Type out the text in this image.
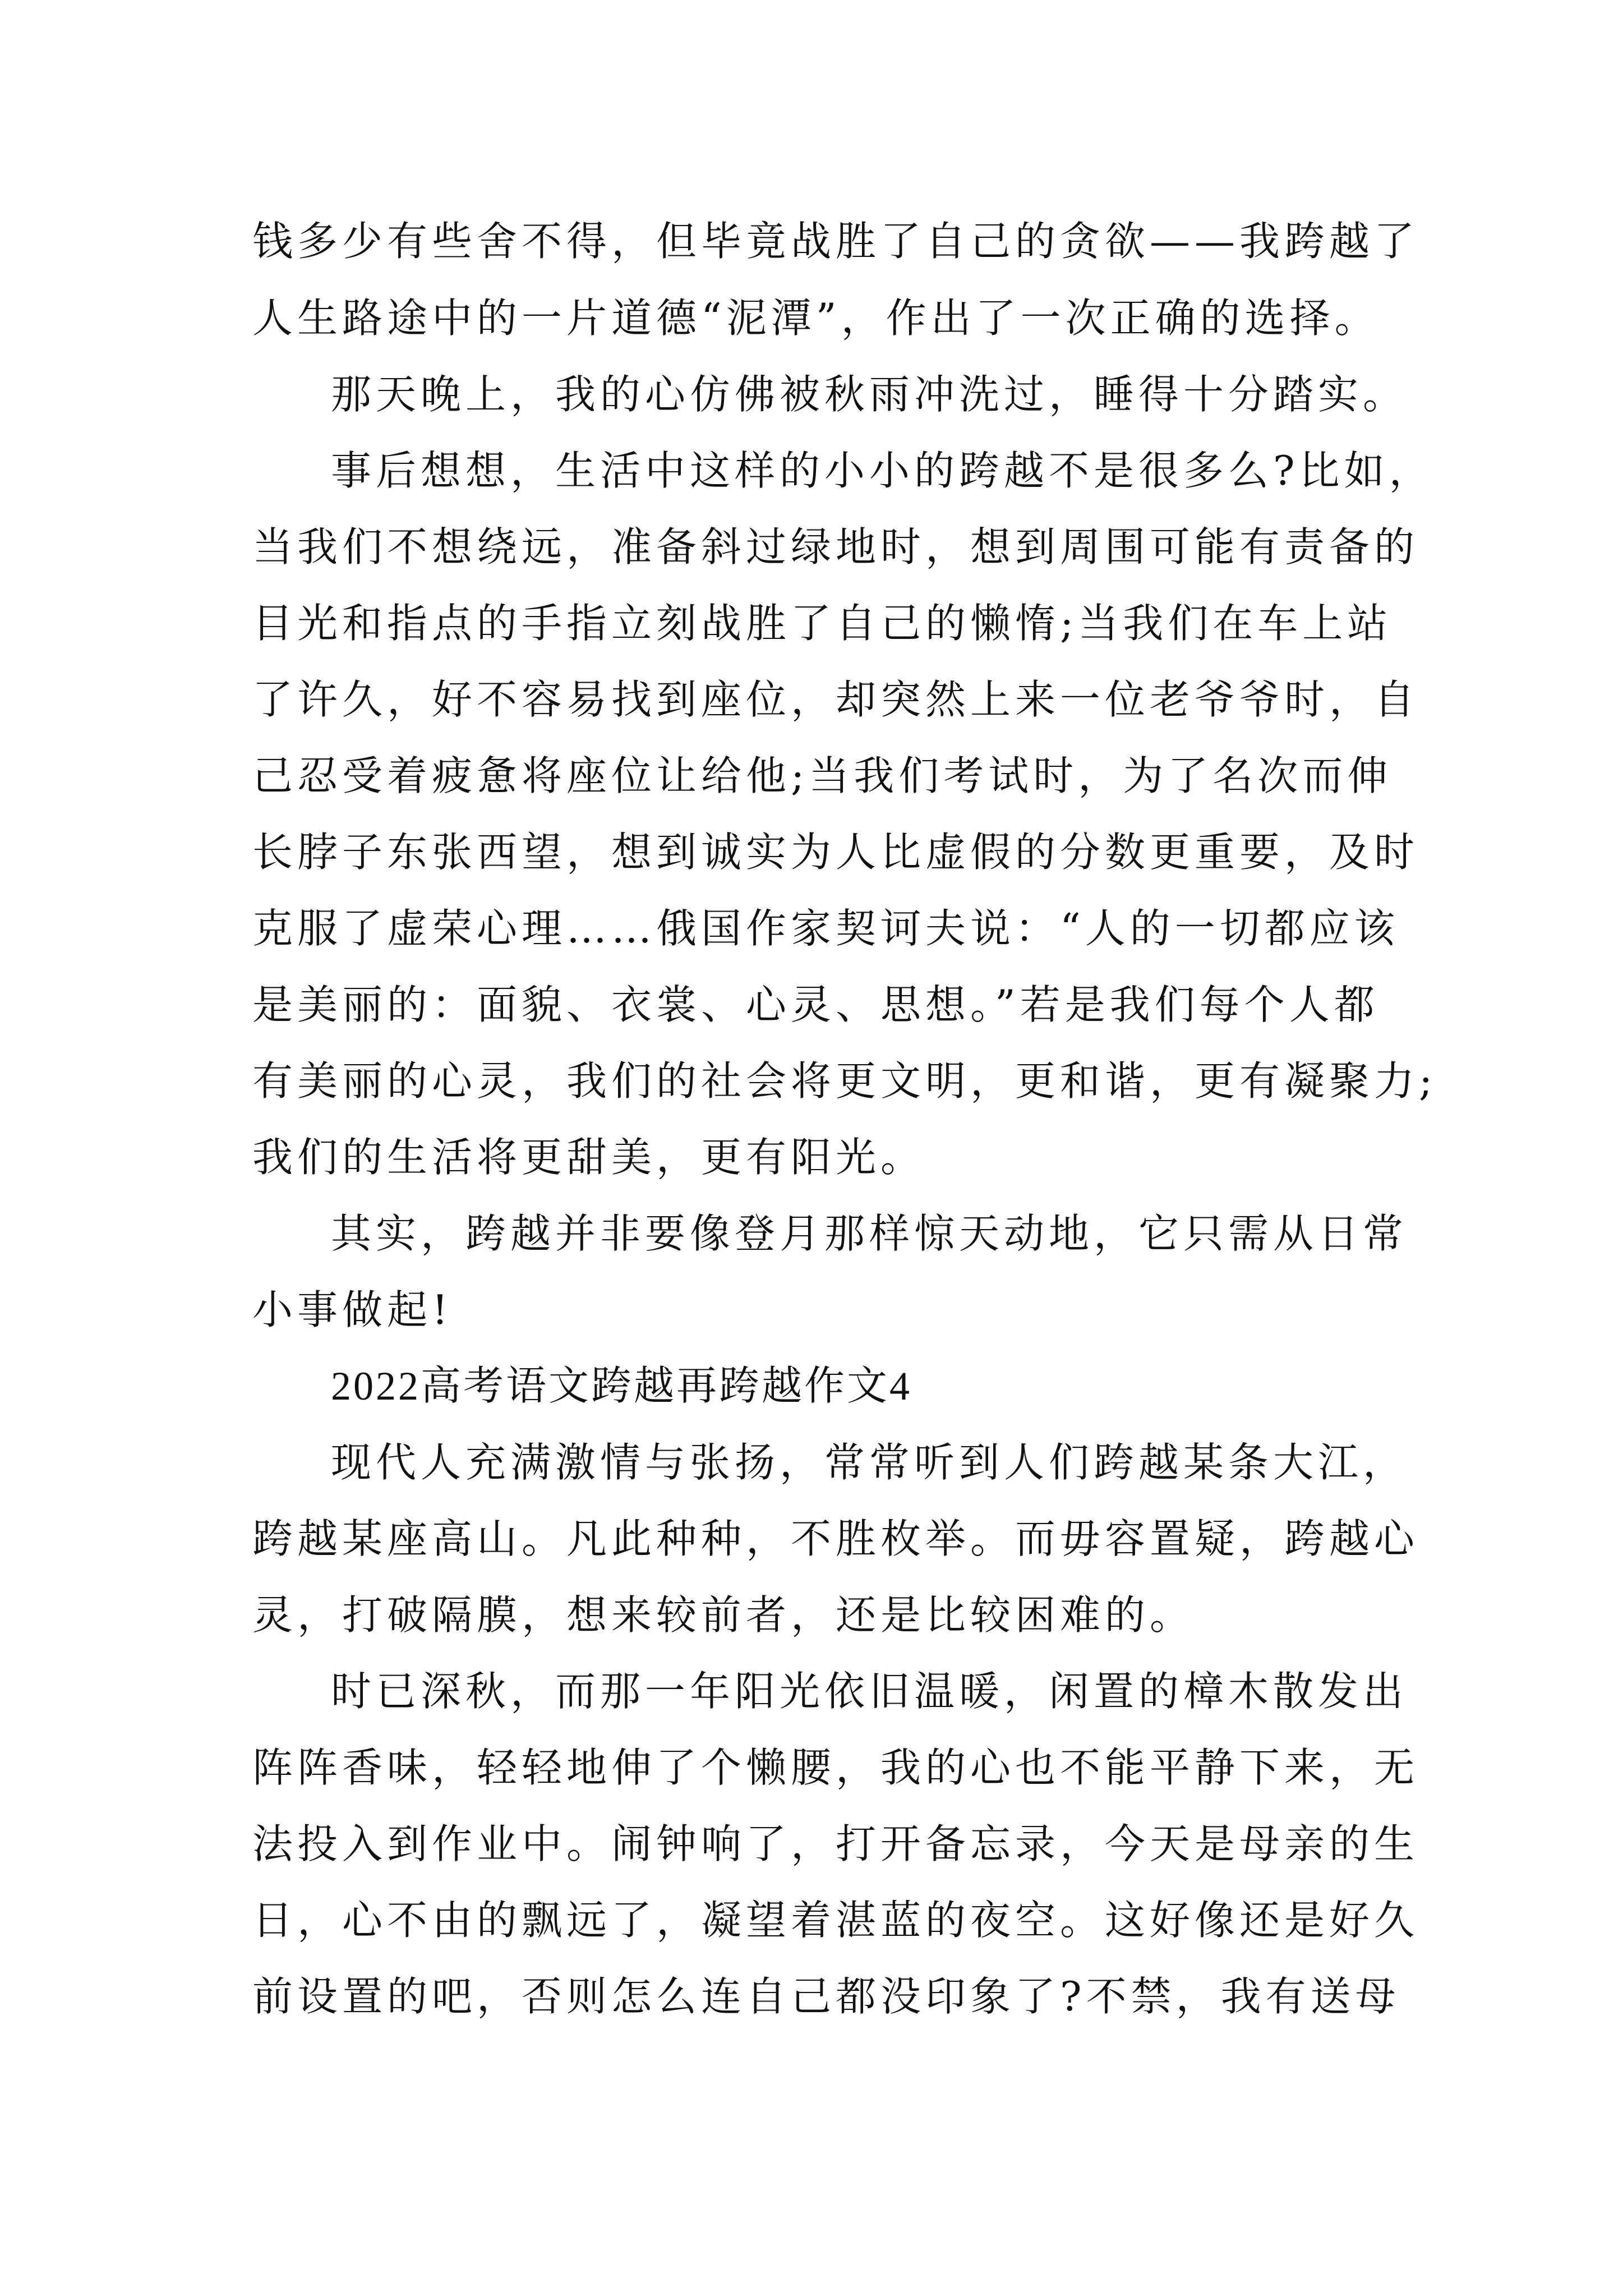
钱多少有些舍不得，但毕竟战胜了自己的贪欲——我跨越了
人生路途中的一片道德“泥潭”，作出了一次正确的选择。
那天晚上，我的心仿佛被秋雨冲洗过，睡得十分踏实。
事后想想，生活中这样的小小的跨越不是很多么?比如，
当我们不想绕远，准备斜过绿地时，想到周围可能有责备的
目光和指点的手指立刻战胜了自己的懒惰;当我们在车上站
了许久，好不容易找到座位，却突然上来一位老爷爷时，自
己忍受着疲惫将座位让给他;当我们考试时，为了名次而伸
长脖子东张西望，想到诚实为人比虚假的分数更重要，及时
克服了虚荣心理……俄国作家契诃夫说：“人的一切都应该
是美丽的：面貌、衣裳、心灵、思想。”若是我们每个人都
有美丽的心灵，我们的社会将更文明，更和谐，更有凝聚力;
我们的生活将更甜美，更有阳光。
其实，跨越并非要像登月那样惊天动地，它只需从日常
小事做起!
2022高考语文跨越再跨越作文4
现代人充满激情与张扬，常常听到人们跨越某条大江，
跨越某座高山。凡此种种，不胜枚举。而毋容置疑，跨越心
灵，打破隔膜，想来较前者，还是比较困难的。
时已深秋，而那一年阳光依旧温暖，闲置的樟木散发出
阵阵香味，轻轻地伸了个懒腰，我的心也不能平静下来，无
法投入到作业中。闹钟响了，打开备忘录，今天是母亲的生
日，心不由的飘远了，凝望着湛蓝的夜空。这好像还是好久
前设置的吧，否则怎么连自己都没印象了?不禁，我有送母
